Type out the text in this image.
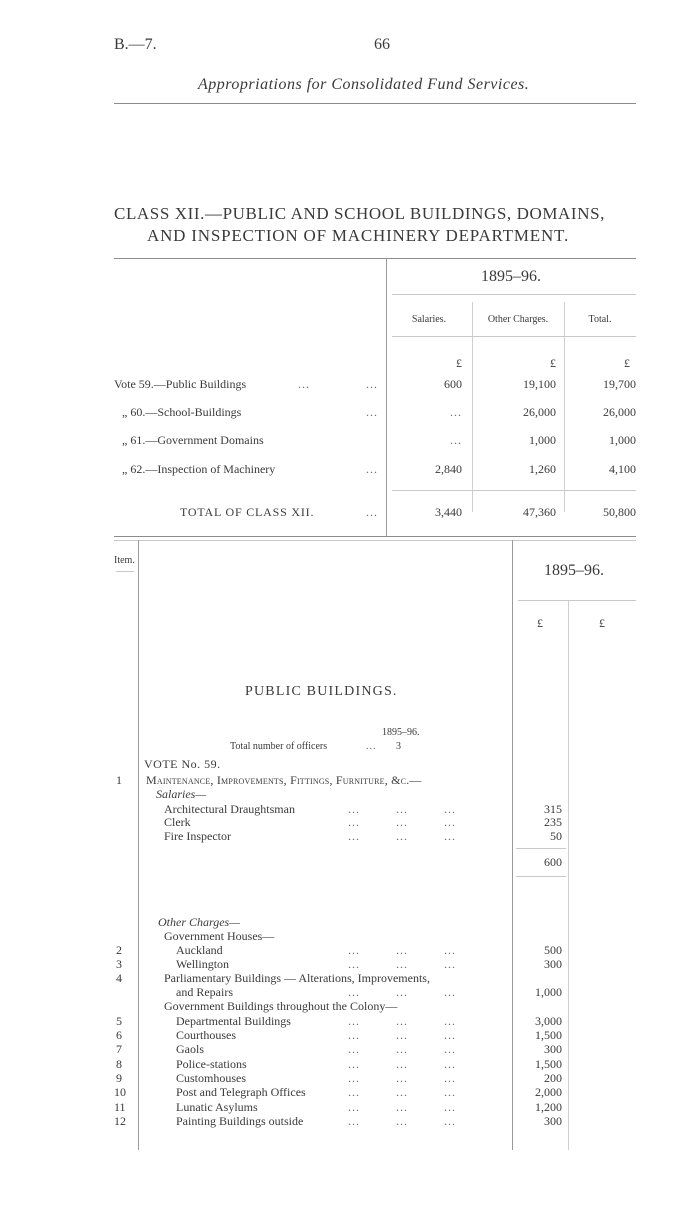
B.—7.	66
Appropriations for Consolidated Fund Services.
CLASS XII.—PUBLIC AND SCHOOL BUILDINGS, DOMAINS,
AND INSPECTION OF MACHINERY DEPARTMENT.
1895–96.
Salaries.	Other Charges.	Total.
£	£	£
Vote 59.—Public Buildings	...	...	600	19,100	19,700
„ 60.—School-Buildings	...	...	26,000	26,000
„ 61.—Government Domains	...	1,000	1,000
„ 62.—Inspection of Machinery	...	2,840	1,260	4,100
TOTAL OF CLASS XII.	...	3,440	47,360	50,800
Item.
1895–96.
£	£
PUBLIC BUILDINGS.
1895–96.
Total number of officers	... 3
VOTE No. 59.
1 Maintenance, Improvements, Fittings, Furniture, &c.—
Salaries—
Architectural Draughtsman	...         ...         ...	315
Clerk	...         ...         ...	235
Fire Inspector	...         ...         ...	50
600
Other Charges—
Government Houses—
2	Auckland	...         ...         ...	500
3	Wellington	...         ...         ...	300
4	Parliamentary Buildings — Alterations, Improvements,
and Repairs	...         ...         ...	1,000
Government Buildings throughout the Colony—
5	Departmental Buildings	...         ...         ...	3,000
6	Courthouses	...         ...         ...	1,500
7	Gaols	...         ...         ...	300
8	Police-stations	...         ...         ...	1,500
9	Customhouses	...         ...         ...	200
10	Post and Telegraph Offices	...         ...         ...	2,000
11	Lunatic Asylums	...         ...         ...	1,200
12	Painting Buildings outside	...         ...         ...	300
